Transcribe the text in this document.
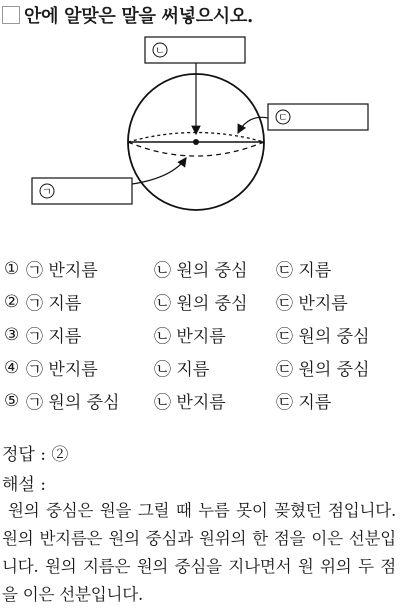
안에 알맞은 말을 써넣으시오.
ㄴ
ㄷ
ㄱ
① ㉠ 반지름	㉡ 원의 중심	㉢ 지름
② ㉠ 지름	㉡ 원의 중심	㉢ 반지름
③ ㉠ 지름	㉡ 반지름	㉢ 원의 중심
④ ㉠ 반지름	㉡ 지름	㉢ 원의 중심
⑤ ㉠ 원의 중심	㉡ 반지름	㉢ 지름
정답 : ②
해설 :
원의 중심은 원을 그릴 때 누름 못이 꽂혔던 점입니다. 원의 반지름은 원의 중심과 원위의 한 점을 이은 선분입니다. 원의 지름은 원의 중심을 지나면서 원 위의 두 점을 이은 선분입니다.
